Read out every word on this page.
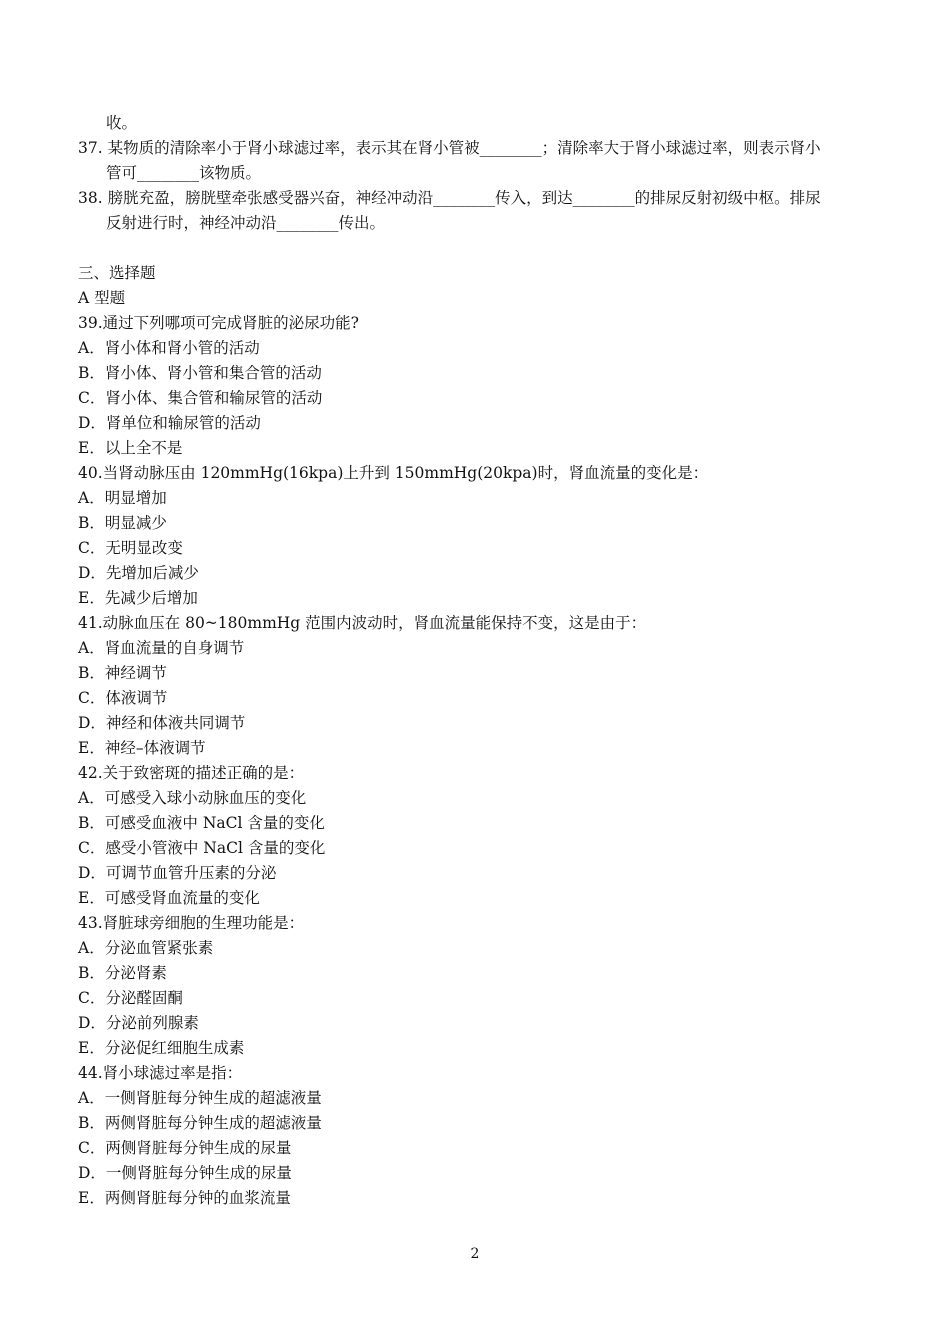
收。
37. 某物质的清除率小于肾小球滤过率，表示其在肾小管被________；清除率大于肾小球滤过率，则表示肾小
管可________该物质。
38. 膀胱充盈，膀胱壁牵张感受器兴奋，神经冲动沿________传入，到达________的排尿反射初级中枢。排尿
反射进行时，神经冲动沿________传出。
三、选择题
A 型题
39.通过下列哪项可完成肾脏的泌尿功能?
A．肾小体和肾小管的活动
B．肾小体、肾小管和集合管的活动
C．肾小体、集合管和输尿管的活动
D．肾单位和输尿管的活动
E．以上全不是
40.当肾动脉压由 120mmHg(16kpa)上升到 150mmHg(20kpa)时，肾血流量的变化是：
A．明显增加
B．明显减少
C．无明显改变
D．先增加后减少
E．先减少后增加
41.动脉血压在 80~180mmHg 范围内波动时，肾血流量能保持不变，这是由于：
A．肾血流量的自身调节
B．神经调节
C．体液调节
D．神经和体液共同调节
E．神经–体液调节
42.关于致密斑的描述正确的是：
A．可感受入球小动脉血压的变化
B．可感受血液中 NaCl 含量的变化
C．感受小管液中 NaCl 含量的变化
D．可调节血管升压素的分泌
E．可感受肾血流量的变化
43.肾脏球旁细胞的生理功能是：
A．分泌血管紧张素
B．分泌肾素
C．分泌醛固酮
D．分泌前列腺素
E．分泌促红细胞生成素
44.肾小球滤过率是指：
A．一侧肾脏每分钟生成的超滤液量
B．两侧肾脏每分钟生成的超滤液量
C．两侧肾脏每分钟生成的尿量
D．一侧肾脏每分钟生成的尿量
E．两侧肾脏每分钟的血浆流量
2
